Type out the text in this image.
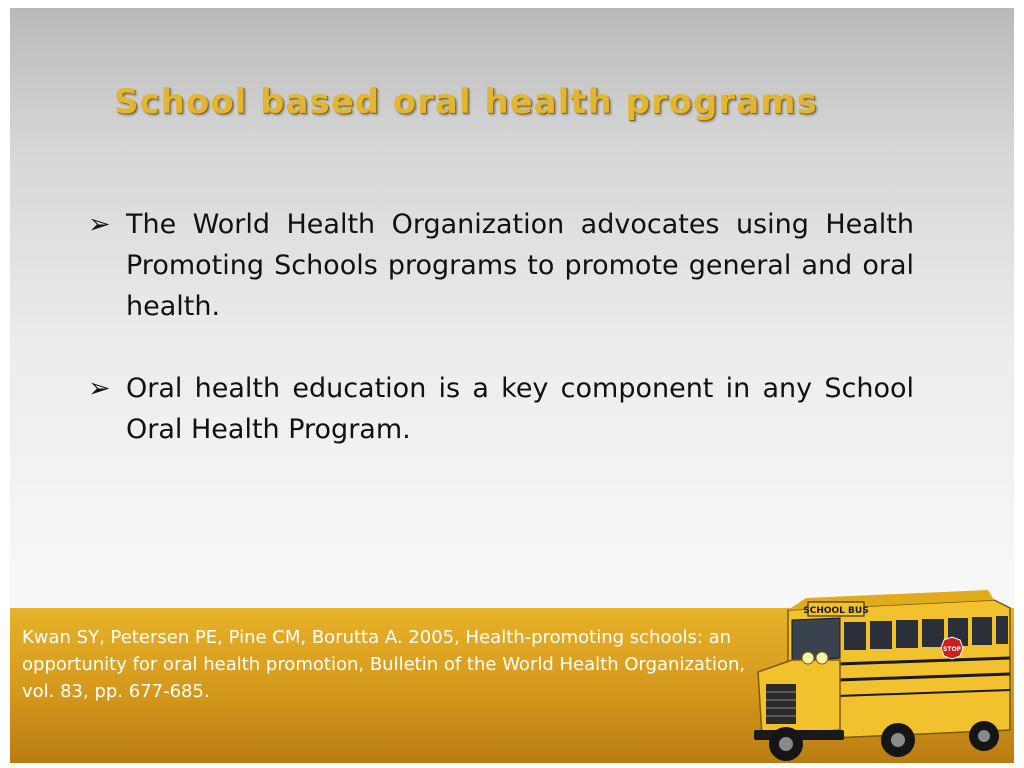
School based oral health programs
➢ The World Health Organization advocates using Health Promoting Schools programs to promote general and oral health.
➢ Oral health education is a key component in any School Oral Health Program.
Kwan SY, Petersen PE, Pine CM, Borutta A. 2005, Health-promoting schools: an opportunity for oral health promotion, Bulletin of the World Health Organization, vol. 83, pp. 677-685.
SCHOOL BUS
STOP
